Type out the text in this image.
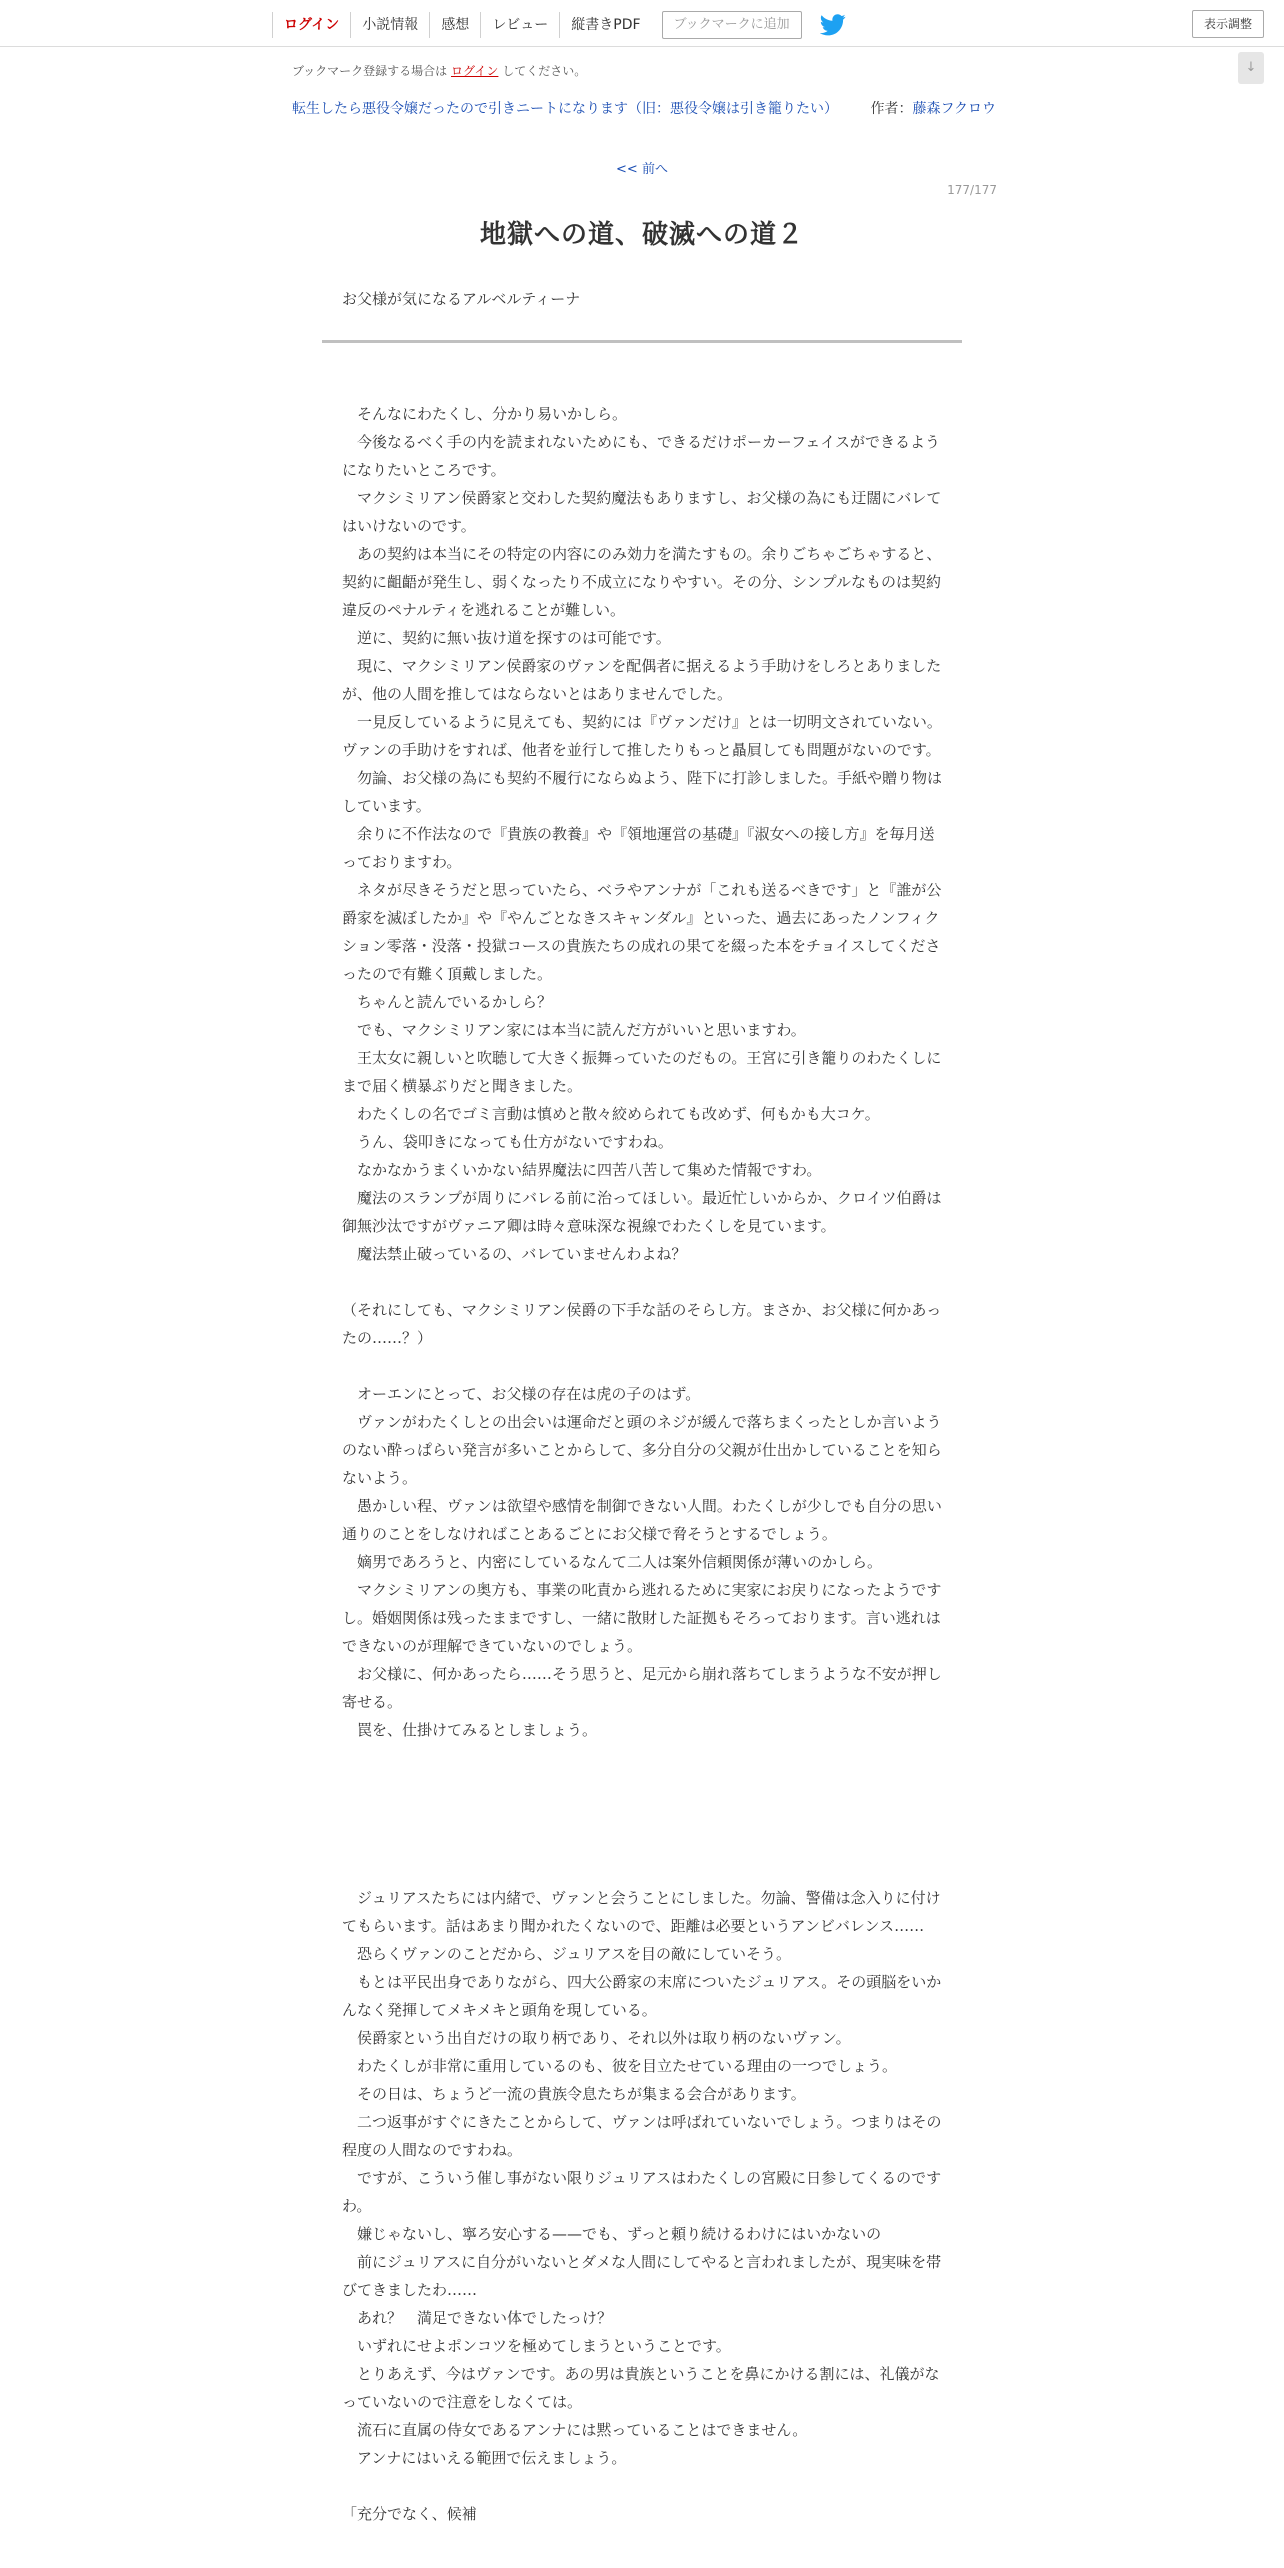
ログイン	小説情報	感想	レビュー	縦書きPDF	ブックマークに追加	表示調整
↓
ブックマーク登録する場合は ログイン してください。
転生したら悪役令嬢だったので引きニートになります（旧：悪役令嬢は引き籠りたい） 作者：藤森フクロウ
<< 前へ
177/177
地獄への道、破滅への道２
お父様が気になるアルベルティーナ

　そんなにわたくし、分かり易いかしら。

　今後なるべく手の内を読まれないためにも、できるだけポーカーフェイスができるようになりたいところです。

　マクシミリアン侯爵家と交わした契約魔法もありますし、お父様の為にも迂闊にバレてはいけないのです。

　あの契約は本当にその特定の内容にのみ効力を満たすもの。余りごちゃごちゃすると、契約に齟齬が発生し、弱くなったり不成立になりやすい。その分、シンプルなものは契約違反のペナルティを逃れることが難しい。

　逆に、契約に無い抜け道を探すのは可能です。

　現に、マクシミリアン侯爵家のヴァンを配偶者に据えるよう手助けをしろとありましたが、他の人間を推してはならないとはありませんでした。

　一見反しているように見えても、契約には『ヴァンだけ』とは一切明文されていない。ヴァンの手助けをすれば、他者を並行して推したりもっと贔屓しても問題がないのです。

　勿論、お父様の為にも契約不履行にならぬよう、陛下に打診しました。手紙や贈り物はしています。

　余りに不作法なので『貴族の教養』や『領地運営の基礎』『淑女への接し方』を毎月送っておりますわ。

　ネタが尽きそうだと思っていたら、ベラやアンナが「これも送るべきです」と『誰が公爵家を滅ぼしたか』や『やんごとなきスキャンダル』といった、過去にあったノンフィクション零落・没落・投獄コースの貴族たちの成れの果てを綴った本をチョイスしてくださったので有難く頂戴しました。

　ちゃんと読んでいるかしら？

　でも、マクシミリアン家には本当に読んだ方がいいと思いますわ。

　王太女に親しいと吹聴して大きく振舞っていたのだもの。王宮に引き籠りのわたくしにまで届く横暴ぶりだと聞きました。

　わたくしの名でゴミ言動は慎めと散々絞められても改めず、何もかも大コケ。

　うん、袋叩きになっても仕方がないですわね。

　なかなかうまくいかない結界魔法に四苦八苦して集めた情報ですわ。

　魔法のスランプが周りにバレる前に治ってほしい。最近忙しいからか、クロイツ伯爵は御無沙汰ですがヴァニア卿は時々意味深な視線でわたくしを見ています。

　魔法禁止破っているの、バレていませんわよね？

（それにしても、マクシミリアン侯爵の下手な話のそらし方。まさか、お父様に何かあったの……？）

　オーエンにとって、お父様の存在は虎の子のはず。

　ヴァンがわたくしとの出会いは運命だと頭のネジが緩んで落ちまくったとしか言いようのない酔っぱらい発言が多いことからして、多分自分の父親が仕出かしていることを知らないよう。

　愚かしい程、ヴァンは欲望や感情を制御できない人間。わたくしが少しでも自分の思い通りのことをしなければことあるごとにお父様で脅そうとするでしょう。

　嫡男であろうと、内密にしているなんて二人は案外信頼関係が薄いのかしら。

　マクシミリアンの奥方も、事業の叱責から逃れるために実家にお戻りになったようですし。婚姻関係は残ったままですし、一緒に散財した証拠もそろっております。言い逃れはできないのが理解できていないのでしょう。

　お父様に、何かあったら……そう思うと、足元から崩れ落ちてしまうような不安が押し寄せる。

　罠を、仕掛けてみるとしましょう。

　ジュリアスたちには内緒で、ヴァンと会うことにしました。勿論、警備は念入りに付けてもらいます。話はあまり聞かれたくないので、距離は必要というアンビバレンス……

　恐らくヴァンのことだから、ジュリアスを目の敵にしていそう。

　もとは平民出身でありながら、四大公爵家の末席についたジュリアス。その頭脳をいかんなく発揮してメキメキと頭角を現している。

　侯爵家という出自だけの取り柄であり、それ以外は取り柄のないヴァン。

　わたくしが非常に重用しているのも、彼を目立たせている理由の一つでしょう。

　その日は、ちょうど一流の貴族令息たちが集まる会合があります。

　二つ返事がすぐにきたことからして、ヴァンは呼ばれていないでしょう。つまりはその程度の人間なのですわね。

　ですが、こういう催し事がない限りジュリアスはわたくしの宮殿に日参してくるのですわ。

　嫌じゃないし、寧ろ安心する——でも、ずっと頼り続けるわけにはいかないの

　前にジュリアスに自分がいないとダメな人間にしてやると言われましたが、現実味を帯びてきましたわ……

　あれ？　満足できない体でしたっけ？

　いずれにせよポンコツを極めてしまうということです。

　とりあえず、今はヴァンです。あの男は貴族ということを鼻にかける割には、礼儀がなっていないので注意をしなくては。

　流石に直属の侍女であるアンナには黙っていることはできません。

　アンナにはいえる範囲で伝えましょう。

「充分でなく、候補
